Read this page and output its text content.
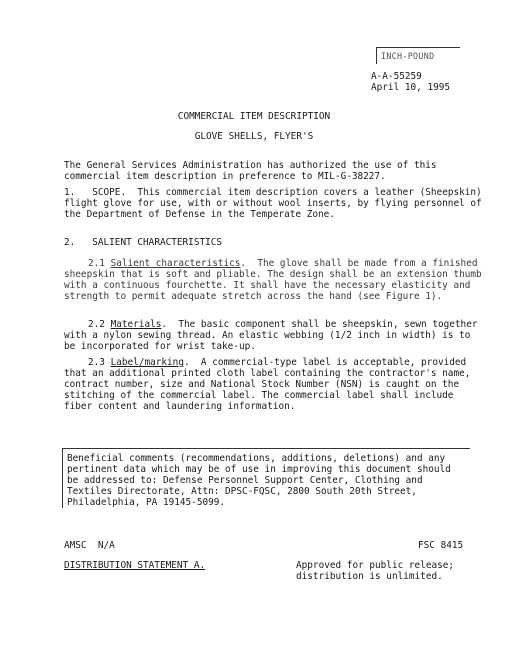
INCH-POUND
A-A-55259
April 10, 1995
COMMERCIAL ITEM DESCRIPTION
GLOVE SHELLS, FLYER'S
The General Services Administration has authorized the use of this commercial item description in preference to MIL-G-38227.
1. SCOPE. This commercial item description covers a leather (Sheepskin) flight glove for use, with or without wool inserts, by flying personnel of the Department of Defense in the Temperate Zone.
2. SALIENT CHARACTERISTICS
2.1 Salient characteristics.  The glove shall be made from a finished sheepskin that is soft and pliable. The design shall be an extension thumb with a continuous fourchette. It shall have the necessary elasticity and strength to permit adequate stretch across the hand (see Figure 1).
2.2 Materials.  The basic component shall be sheepskin, sewn together with a nylon sewing thread. An elastic webbing (1/2 inch in width) is to be incorporated for wrist take-up.
2.3 Label/marking.  A commercial-type label is acceptable, provided that an additional printed cloth label containing the contractor's name, contract number, size and National Stock Number (NSN) is caught on the stitching of the commercial label. The commercial label shall include fiber content and laundering information.
Beneficial comments (recommendations, additions, deletions) and any pertinent data which may be of use in improving this document should be addressed to: Defense Personnel Support Center, Clothing and Textiles Directorate, Attn: DPSC-FQSC, 2800 South 20th Street, Philadelphia, PA 19145-5099.
AMSC  N/A	FSC 8415
DISTRIBUTION STATEMENT A.	Approved for public release;
distribution is unlimited.
